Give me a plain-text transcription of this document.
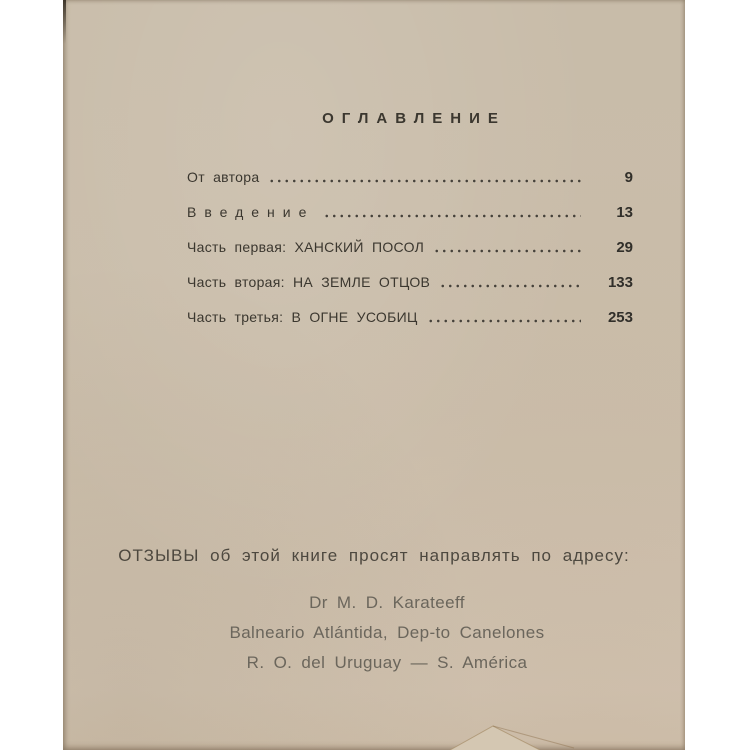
ОГЛАВЛЕНИЕ
От автора	9
Введение	13
Часть первая: ХАНСКИЙ ПОСОЛ	29
Часть вторая: НА ЗЕМЛЕ ОТЦОВ	133
Часть третья: В ОГНЕ УСОБИЦ	253

ОТЗЫВЫ об этой книге просят направлять по адресу:

Dr M. D. Karateeff
Balneario Atlántida, Dep-to Canelones
R. O. del Uruguay — S. América
